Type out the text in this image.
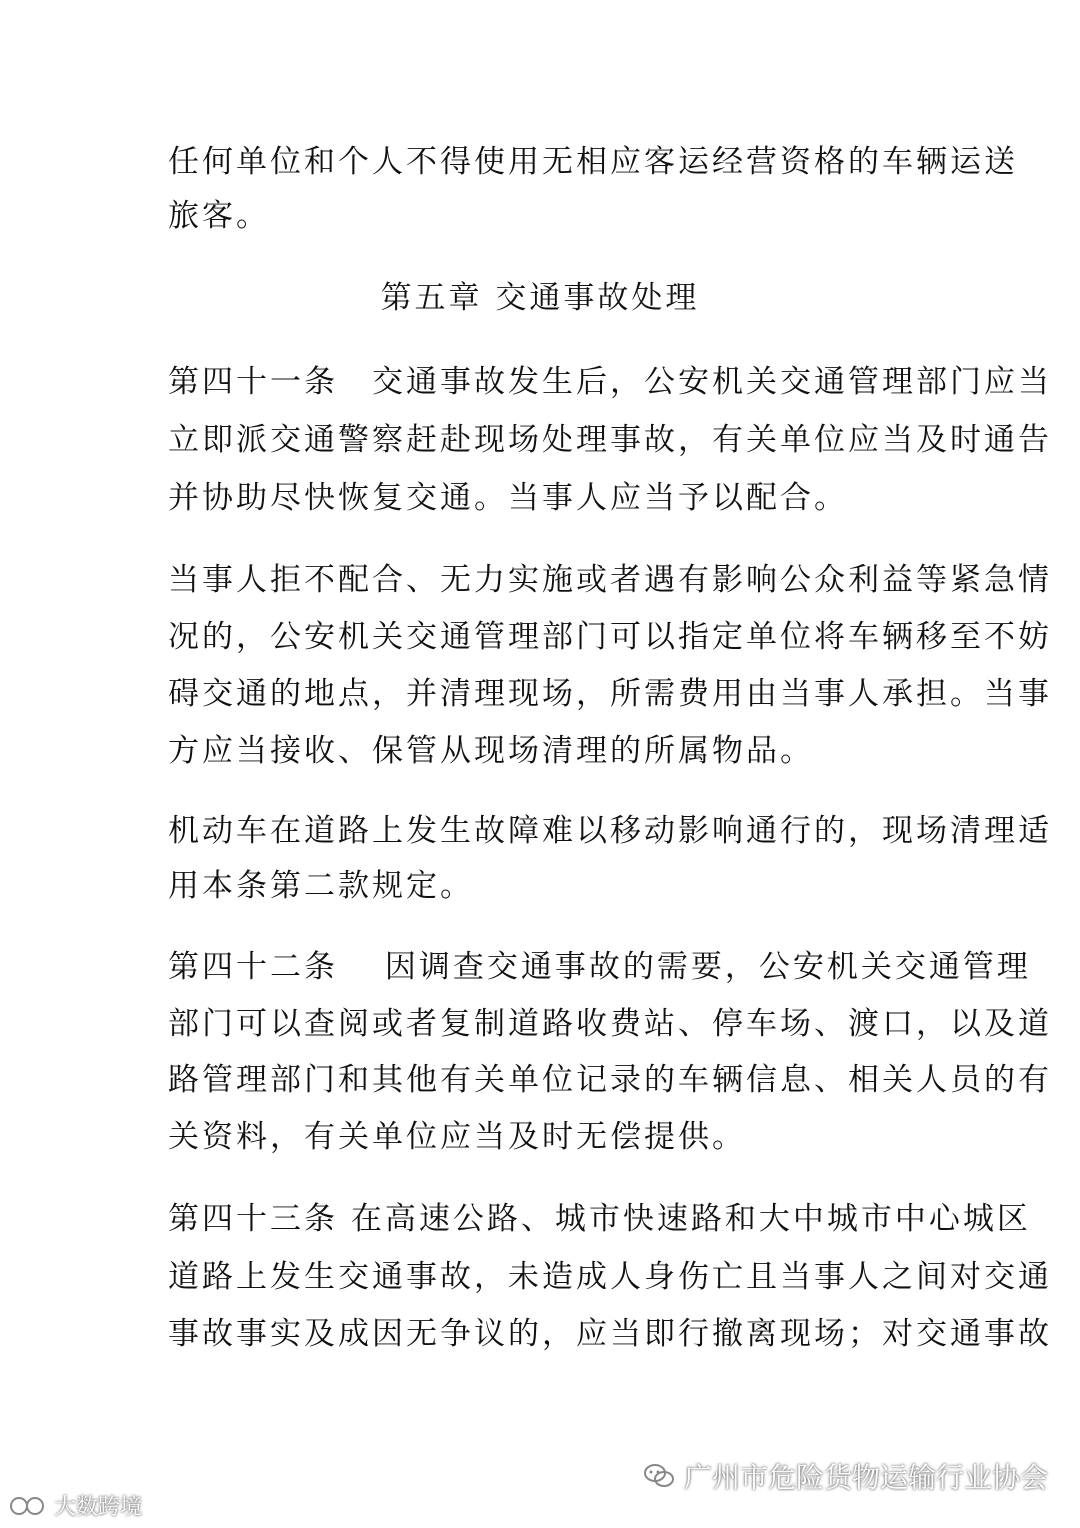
任何单位和个人不得使用无相应客运经营资格的车辆运送
旅客。
第五章 交通事故处理
第四十一条　交通事故发生后，公安机关交通管理部门应当
立即派交通警察赶赴现场处理事故，有关单位应当及时通告
并协助尽快恢复交通。当事人应当予以配合。
当事人拒不配合、无力实施或者遇有影响公众利益等紧急情
况的，公安机关交通管理部门可以指定单位将车辆移至不妨
碍交通的地点，并清理现场，所需费用由当事人承担。当事
方应当接收、保管从现场清理的所属物品。
机动车在道路上发生故障难以移动影响通行的，现场清理适
用本条第二款规定。
第四十二条　 因调查交通事故的需要，公安机关交通管理
部门可以查阅或者复制道路收费站、停车场、渡口，以及道
路管理部门和其他有关单位记录的车辆信息、相关人员的有
关资料，有关单位应当及时无偿提供。
第四十三条 在高速公路、城市快速路和大中城市中心城区
道路上发生交通事故，未造成人身伤亡且当事人之间对交通
事故事实及成因无争议的，应当即行撤离现场；对交通事故
广州市危险货物运输行业协会
大数跨境
